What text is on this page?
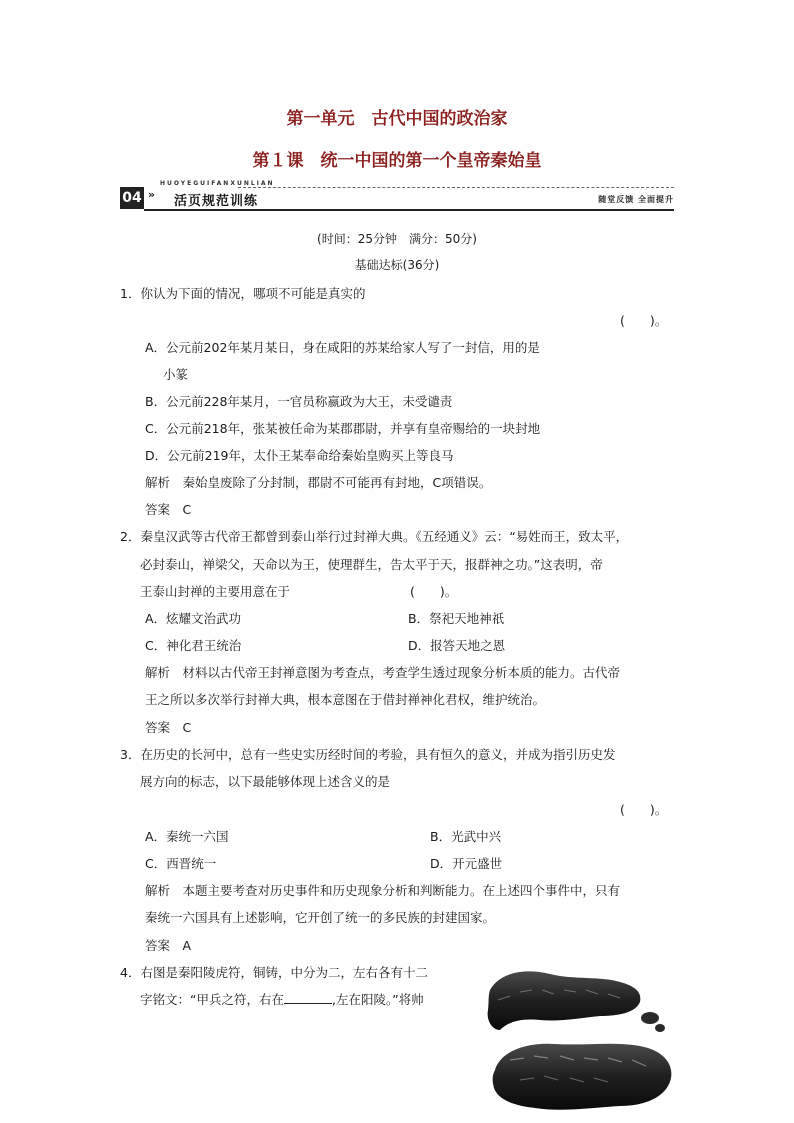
第一单元　古代中国的政治家
第１课　统一中国的第一个皇帝秦始皇
HUOYEGUIFANXUNLIAN
04 » 活页规范训练	随堂反馈 全面提升
(时间：25分钟　满分：50分)
基础达标(36分)
1．你认为下面的情况，哪项不可能是真实的
(　　)。
A．公元前202年某月某日，身在咸阳的苏某给家人写了一封信，用的是
小篆
B．公元前228年某月，一官员称嬴政为大王，未受谴责
C．公元前218年，张某被任命为某郡郡尉，并享有皇帝赐给的一块封地
D．公元前219年，太仆王某奉命给秦始皇购买上等良马
解析　秦始皇废除了分封制，郡尉不可能再有封地，C项错误。
答案　C
2．秦皇汉武等古代帝王都曾到泰山举行过封禅大典。《五经通义》云：“易姓而王，致太平，
必封泰山，禅梁父，天命以为王，使理群生，告太平于天，报群神之功。”这表明，帝
王泰山封禅的主要用意在于	(　　)。
A．炫耀文治武功	B．祭祀天地神祇
C．神化君王统治	D．报答天地之恩
解析　材料以古代帝王封禅意图为考查点，考查学生透过现象分析本质的能力。古代帝
王之所以多次举行封禅大典，根本意图在于借封禅神化君权，维护统治。
答案　C
3．在历史的长河中，总有一些史实历经时间的考验，具有恒久的意义，并成为指引历史发
展方向的标志，以下最能够体现上述含义的是
(　　)。
A．秦统一六国	B．光武中兴
C．西晋统一	D．开元盛世
解析　本题主要考查对历史事件和历史现象分析和判断能力。在上述四个事件中，只有
秦统一六国具有上述影响，它开创了统一的多民族的封建国家。
答案　A
4．右图是秦阳陵虎符，铜铸，中分为二，左右各有十二
字铭文：“甲兵之符，右在	,左在阳陵。”将帅
